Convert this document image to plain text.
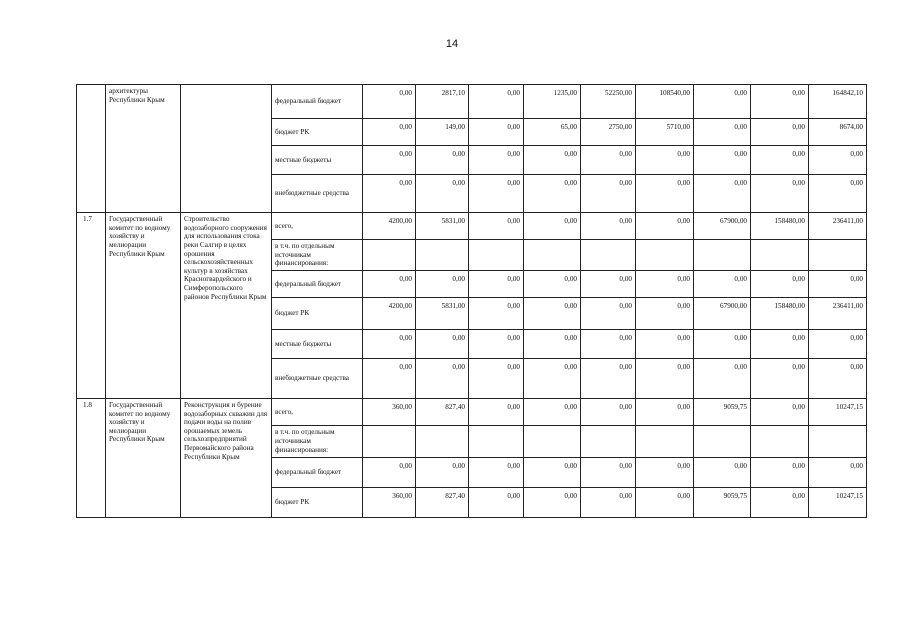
14
	архитектуры Республики Крым		федеральный бюджет	0,00	2817,10	0,00	1235,00	52250,00	108540,00	0,00	0,00	164842,10
			бюджет РК	0,00	149,00	0,00	65,00	2750,00	5710,00	0,00	0,00	8674,00
			местные бюджеты	0,00	0,00	0,00	0,00	0,00	0,00	0,00	0,00	0,00
			внебюджетные средства	0,00	0,00	0,00	0,00	0,00	0,00	0,00	0,00	0,00
1.7	Государственный комитет по водному хозяйству и мелиорации Республики Крым	Строительство водозаборного сооружения для использования стока реки Салгир в целях орошения сельскохозяйственных культур в хозяйствах Красногвардейского и Симферопольского районов Республики Крым	всего,	4200,00	5831,00	0,00	0,00	0,00	0,00	67900,00	158480,00	236411,00
			в т.ч. по отдельным источникам финансирования:									
			федеральный бюджет	0,00	0,00	0,00	0,00	0,00	0,00	0,00	0,00	0,00
			бюджет РК	4200,00	5831,00	0,00	0,00	0,00	0,00	67900,00	158480,00	236411,00
			местные бюджеты	0,00	0,00	0,00	0,00	0,00	0,00	0,00	0,00	0,00
			внебюджетные средства	0,00	0,00	0,00	0,00	0,00	0,00	0,00	0,00	0,00
1.8	Государственный комитет по водному хозяйству и мелиорации Республики Крым	Реконструкция и бурение водозаборных скважин для подачи воды на полив орошаемых земель сельхозпредприятий Первомайского района Республики Крым	всего,	360,00	827,40	0,00	0,00	0,00	0,00	9059,75	0,00	10247,15
			в т.ч. по отдельным источникам финансирования:									
			федеральный бюджет	0,00	0,00	0,00	0,00	0,00	0,00	0,00	0,00	0,00
			бюджет РК	360,00	827,40	0,00	0,00	0,00	0,00	9059,75	0,00	10247,15
